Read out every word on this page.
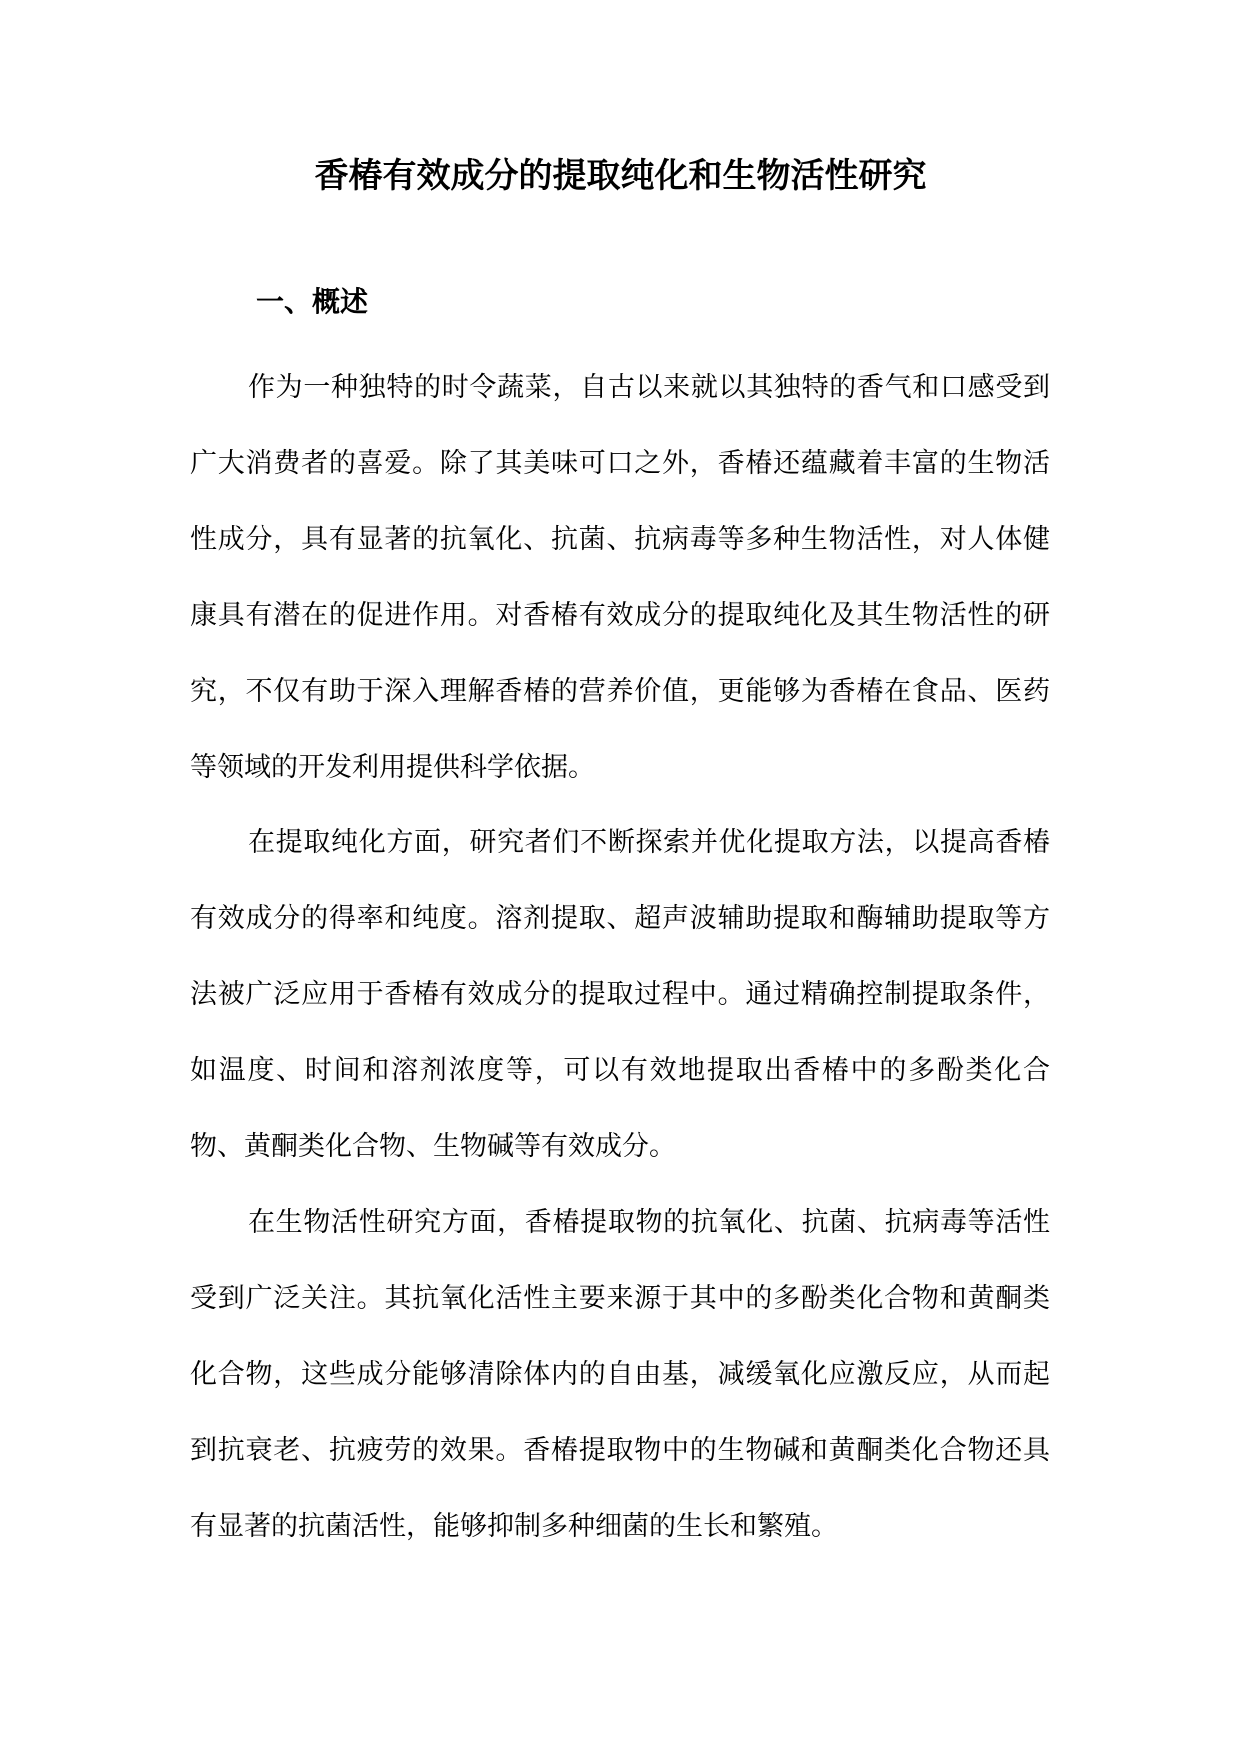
香椿有效成分的提取纯化和生物活性研究
一、概述

作为一种独特的时令蔬菜，自古以来就以其独特的香气和口感受到广大消费者的喜爱。除了其美味可口之外，香椿还蕴藏着丰富的生物活性成分，具有显著的抗氧化、抗菌、抗病毒等多种生物活性，对人体健康具有潜在的促进作用。对香椿有效成分的提取纯化及其生物活性的研究，不仅有助于深入理解香椿的营养价值，更能够为香椿在食品、医药等领域的开发利用提供科学依据。

在提取纯化方面，研究者们不断探索并优化提取方法，以提高香椿有效成分的得率和纯度。溶剂提取、超声波辅助提取和酶辅助提取等方法被广泛应用于香椿有效成分的提取过程中。通过精确控制提取条件，如温度、时间和溶剂浓度等，可以有效地提取出香椿中的多酚类化合物、黄酮类化合物、生物碱等有效成分。

在生物活性研究方面，香椿提取物的抗氧化、抗菌、抗病毒等活性受到广泛关注。其抗氧化活性主要来源于其中的多酚类化合物和黄酮类化合物，这些成分能够清除体内的自由基，减缓氧化应激反应，从而起到抗衰老、抗疲劳的效果。香椿提取物中的生物碱和黄酮类化合物还具有显著的抗菌活性，能够抑制多种细菌的生长和繁殖。
